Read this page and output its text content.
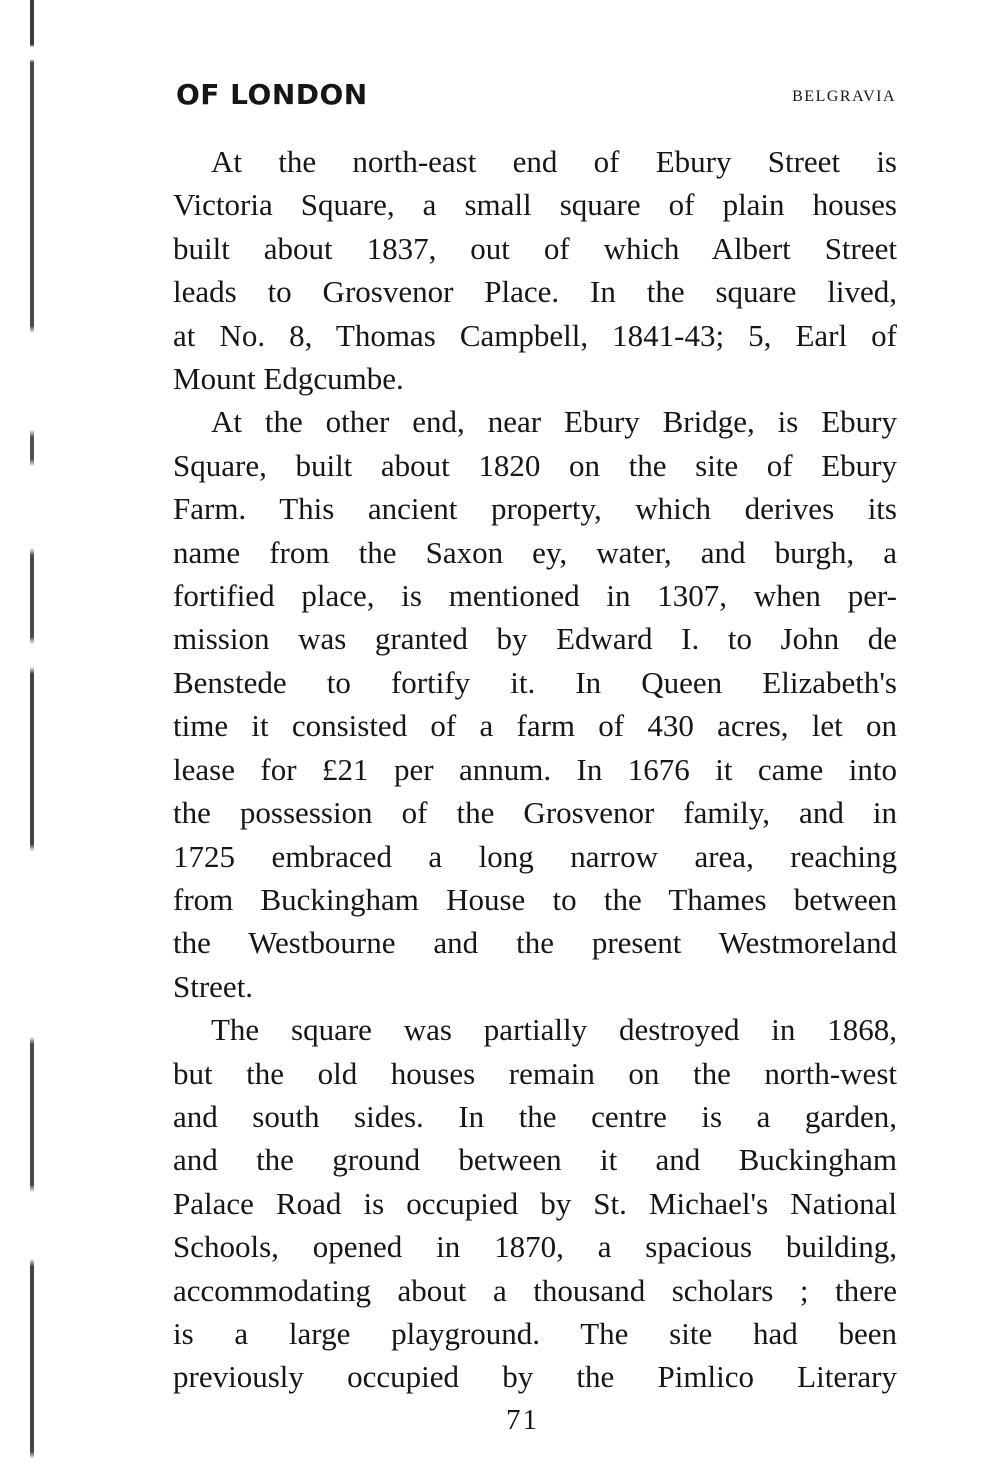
OF LONDON	BELGRAVIA
At the north-east end of Ebury Street is
Victoria Square, a small square of plain houses
built about 1837, out of which Albert Street
leads to Grosvenor Place. In the square lived,
at No. 8, Thomas Campbell, 1841-43; 5, Earl of
Mount Edgcumbe.
At the other end, near Ebury Bridge, is Ebury
Square, built about 1820 on the site of Ebury
Farm. This ancient property, which derives its
name from the Saxon ey, water, and burgh, a
fortified place, is mentioned in 1307, when per-
mission was granted by Edward I. to John de
Benstede to fortify it. In Queen Elizabeth's
time it consisted of a farm of 430 acres, let on
lease for £21 per annum. In 1676 it came into
the possession of the Grosvenor family, and in
1725 embraced a long narrow area, reaching
from Buckingham House to the Thames between
the Westbourne and the present Westmoreland
Street.
The square was partially destroyed in 1868,
but the old houses remain on the north-west
and south sides. In the centre is a garden,
and the ground between it and Buckingham
Palace Road is occupied by St. Michael's National
Schools, opened in 1870, a spacious building,
accommodating about a thousand scholars ; there
is a large playground. The site had been
previously occupied by the Pimlico Literary
71
